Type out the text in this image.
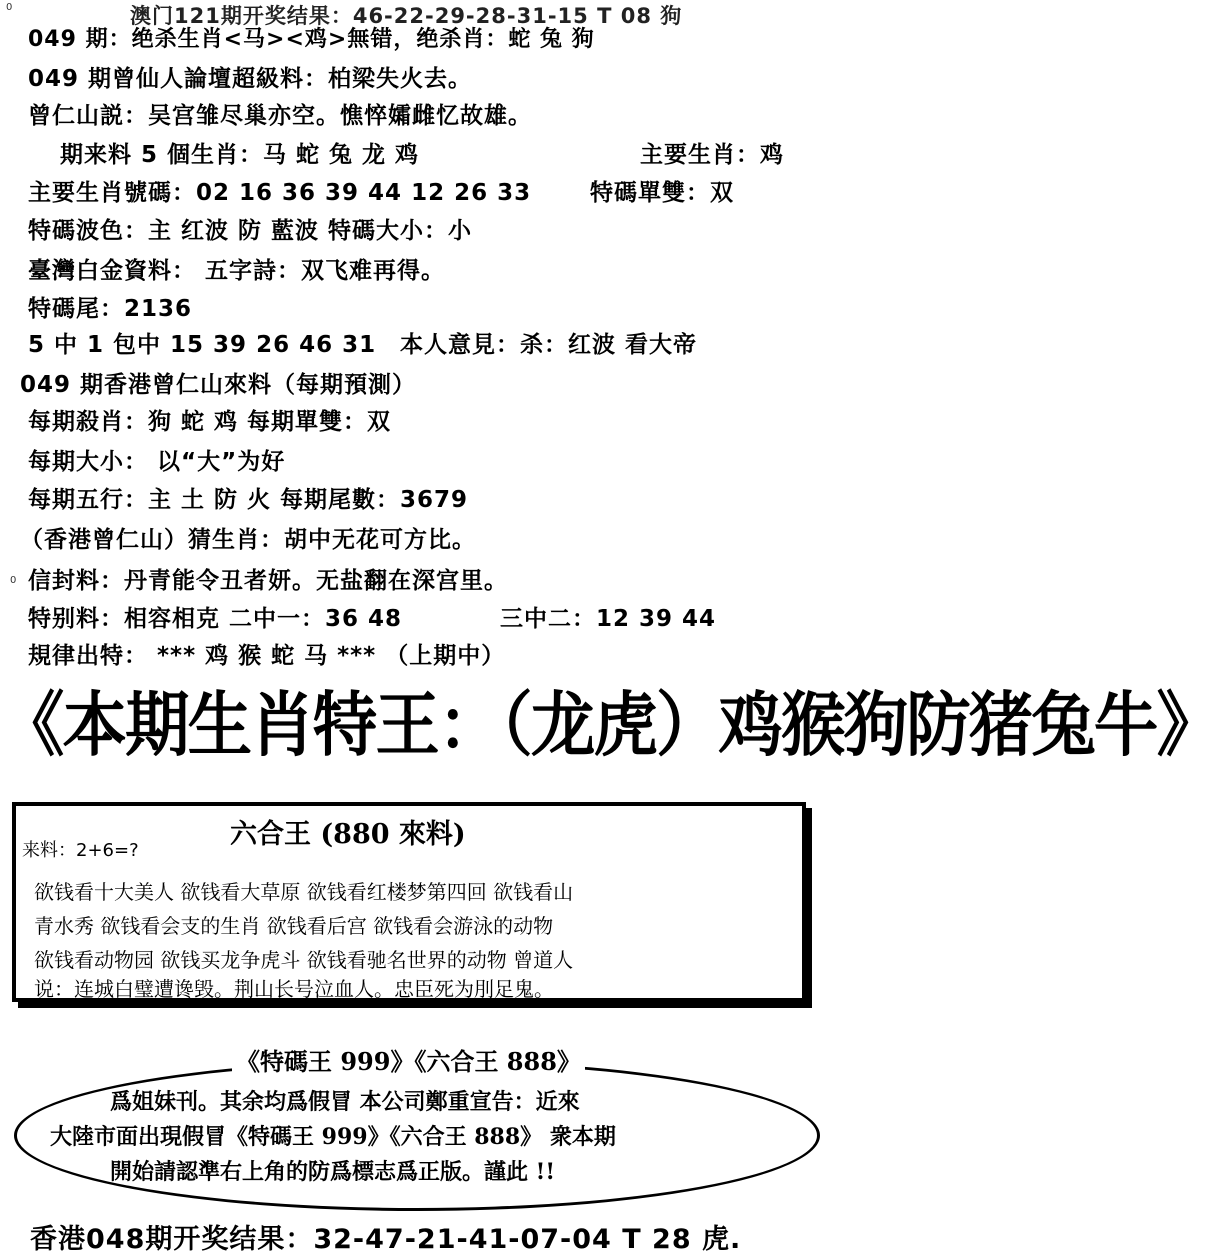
0	澳门121期开奖结果：46-22-29-28-31-15 T 08 狗
049 期：绝杀生肖<马><鸡>無错，绝杀肖：蛇 兔 狗
049 期曾仙人論壇超級料：柏梁失火去。
曾仁山説：吴宫雏尽巢亦空。憔悴孀雌忆故雄。
期来料 5 個生肖：马 蛇 兔 龙 鸡	主要生肖：鸡
主要生肖號碼：02 16 36 39 44 12 26 33	特碼單雙：双
特碼波色：主 红波 防 藍波 特碼大小：小
臺灣白金資料： 五字詩：双飞难再得。
特碼尾：2136
5 中 1 包中 15 39 26 46 31 本人意見：杀：红波 看大帝
049 期香港曾仁山來料（每期預測）
每期殺肖：狗 蛇 鸡 每期單雙：双
每期大小： 以“大”为好
每期五行：主 土 防 火 每期尾數：3679
（香港曾仁山）猜生肖：胡中无花可方比。
0 信封料：丹青能令丑者妍。无盐翻在深宫里。
特别料：相容相克 二中一：36 48	三中二：12 39 44
規律出特： *** 鸡 猴 蛇 马 *** （上期中）
《本期生肖特王：（龙虎）鸡猴狗防猪兔牛》
六合王 (880 來料)
来料：2+6=?
欲钱看十大美人 欲钱看大草原 欲钱看红楼梦第四回 欲钱看山
青水秀 欲钱看会支的生肖 欲钱看后宫 欲钱看会游泳的动物
欲钱看动物园 欲钱买龙争虎斗 欲钱看驰名世界的动物 曾道人
说：连城白璧遭谗毁。荆山长号泣血人。忠臣死为刖足鬼。
《特碼王 999》《六合王 888》
爲姐妹刊。其余均爲假冒 本公司鄭重宣告：近來
大陸市面出現假冒《特碼王 999》《六合王 888》 衆本期
開始請認準右上角的防爲標志爲正版。謹此 !!
香港048期开奖结果：32-47-21-41-07-04 T 28 虎.
